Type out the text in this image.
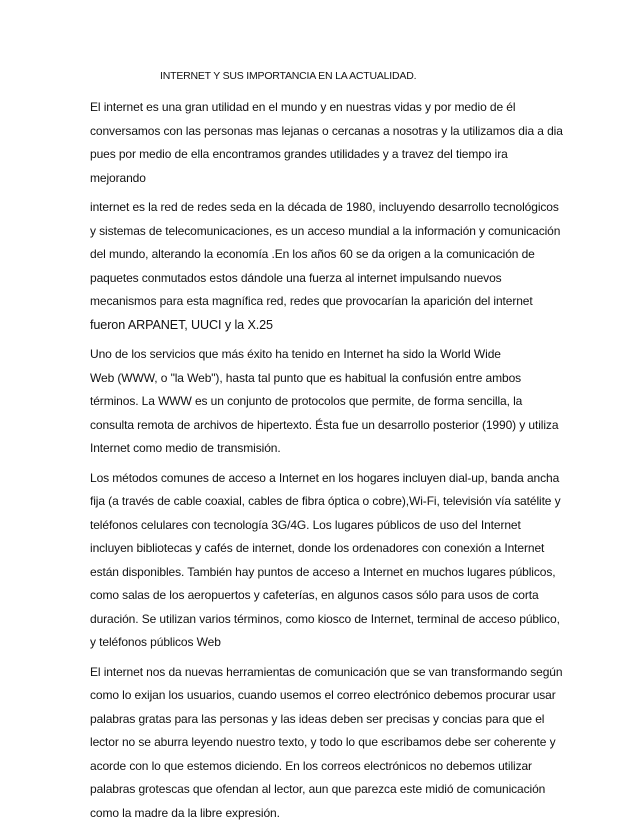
INTERNET Y SUS IMPORTANCIA EN LA ACTUALIDAD.

El internet es una gran utilidad en el mundo y en nuestras vidas y por medio de él
conversamos con las personas mas lejanas o cercanas a nosotras y la utilizamos dia a dia
pues por medio de ella encontramos grandes utilidades y a travez del tiempo ira
mejorando

internet es la red de redes seda en la década de 1980, incluyendo desarrollo tecnológicos
y sistemas de telecomunicaciones, es un acceso mundial a la información y comunicación
del mundo, alterando la economía .En los años 60 se da origen a la comunicación de
paquetes conmutados estos dándole una fuerza al internet impulsando nuevos
mecanismos para esta magnífica red, redes que provocarían la aparición del internet
fueron ARPANET, UUCI y la X.25

Uno de los servicios que más éxito ha tenido en Internet ha sido la World Wide
Web (WWW, o "la Web"), hasta tal punto que es habitual la confusión entre ambos
términos. La WWW es un conjunto de protocolos que permite, de forma sencilla, la
consulta remota de archivos de hipertexto. Ésta fue un desarrollo posterior (1990) y utiliza
Internet como medio de transmisión.

Los métodos comunes de acceso a Internet en los hogares incluyen dial-up, banda ancha
fija (a través de cable coaxial, cables de fibra óptica o cobre),Wi-Fi, televisión vía satélite y
teléfonos celulares con tecnología 3G/4G. Los lugares públicos de uso del Internet
incluyen bibliotecas y cafés de internet, donde los ordenadores con conexión a Internet
están disponibles. También hay puntos de acceso a Internet en muchos lugares públicos,
como salas de los aeropuertos y cafeterías, en algunos casos sólo para usos de corta
duración. Se utilizan varios términos, como kiosco de Internet, terminal de acceso público,
y teléfonos públicos Web

El internet nos da nuevas herramientas de comunicación que se van transformando según
como lo exijan los usuarios, cuando usemos el correo electrónico debemos procurar usar
palabras gratas para las personas y las ideas deben ser precisas y concias para que el
lector no se aburra leyendo nuestro texto, y todo lo que escribamos debe ser coherente y
acorde con lo que estemos diciendo. En los correos electrónicos no debemos utilizar
palabras grotescas que ofendan al lector, aun que parezca este midió de comunicación
como la madre da la libre expresión.
